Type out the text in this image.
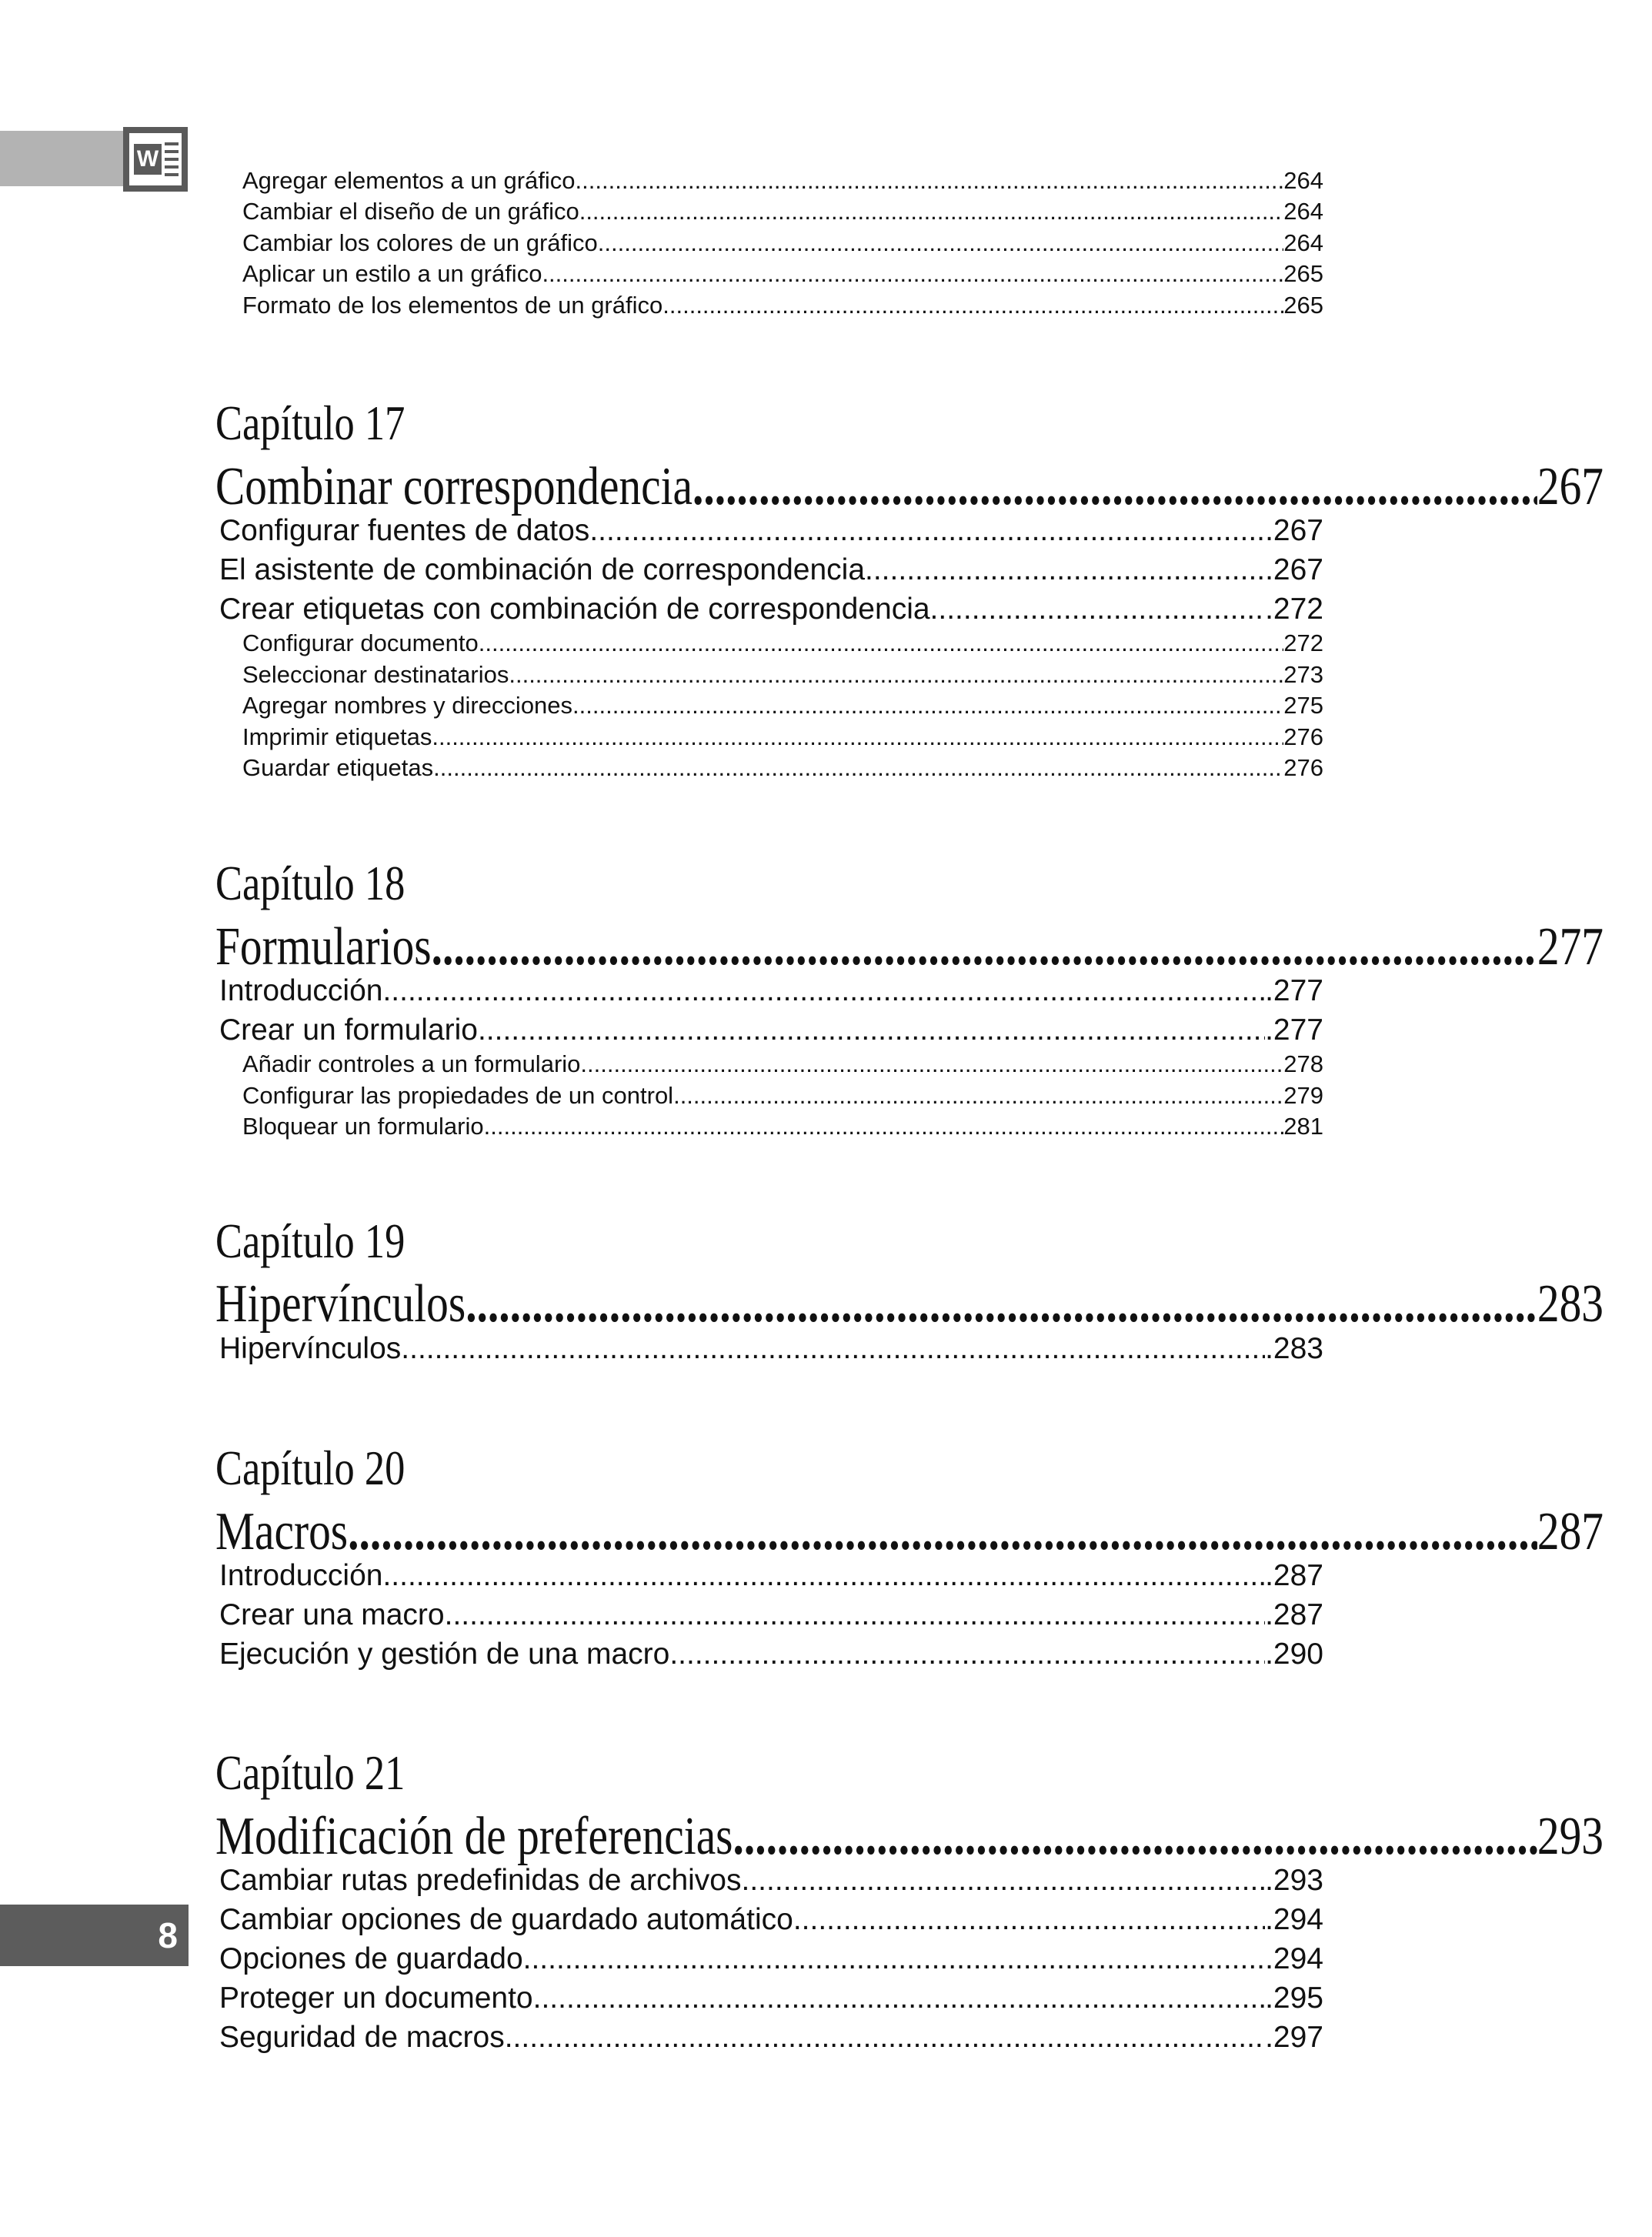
W
8
Agregar elementos a un gráfico .....	264
Cambiar el diseño de un gráfico .....	264
Cambiar los colores de un gráfico .....	264
Aplicar un estilo a un gráfico .....	265
Formato de los elementos de un gráfico .....	265
Capítulo 17
Combinar correspondencia .....	267
Configurar fuentes de datos .....	.267
El asistente de combinación de correspondencia .....	.267
Crear etiquetas con combinación de correspondencia .....	.272
Configurar documento .....	272
Seleccionar destinatarios .....	273
Agregar nombres y direcciones .....	275
Imprimir etiquetas .....	276
Guardar etiquetas .....	276
Capítulo 18
Formularios .....	277
Introducción .....	.277
Crear un formulario .....	.277
Añadir controles a un formulario .....	278
Configurar las propiedades de un control .....	279
Bloquear un formulario .....	281
Capítulo 19
Hipervínculos .....	283
Hipervínculos .....	.283
Capítulo 20
Macros .....	287
Introducción .....	.287
Crear una macro .....	.287
Ejecución y gestión de una macro .....	.290
Capítulo 21
Modificación de preferencias .....	293
Cambiar rutas predefinidas de archivos .....	.293
Cambiar opciones de guardado automático .....	.294
Opciones de guardado .....	.294
Proteger un documento .....	.295
Seguridad de macros .....	.297
